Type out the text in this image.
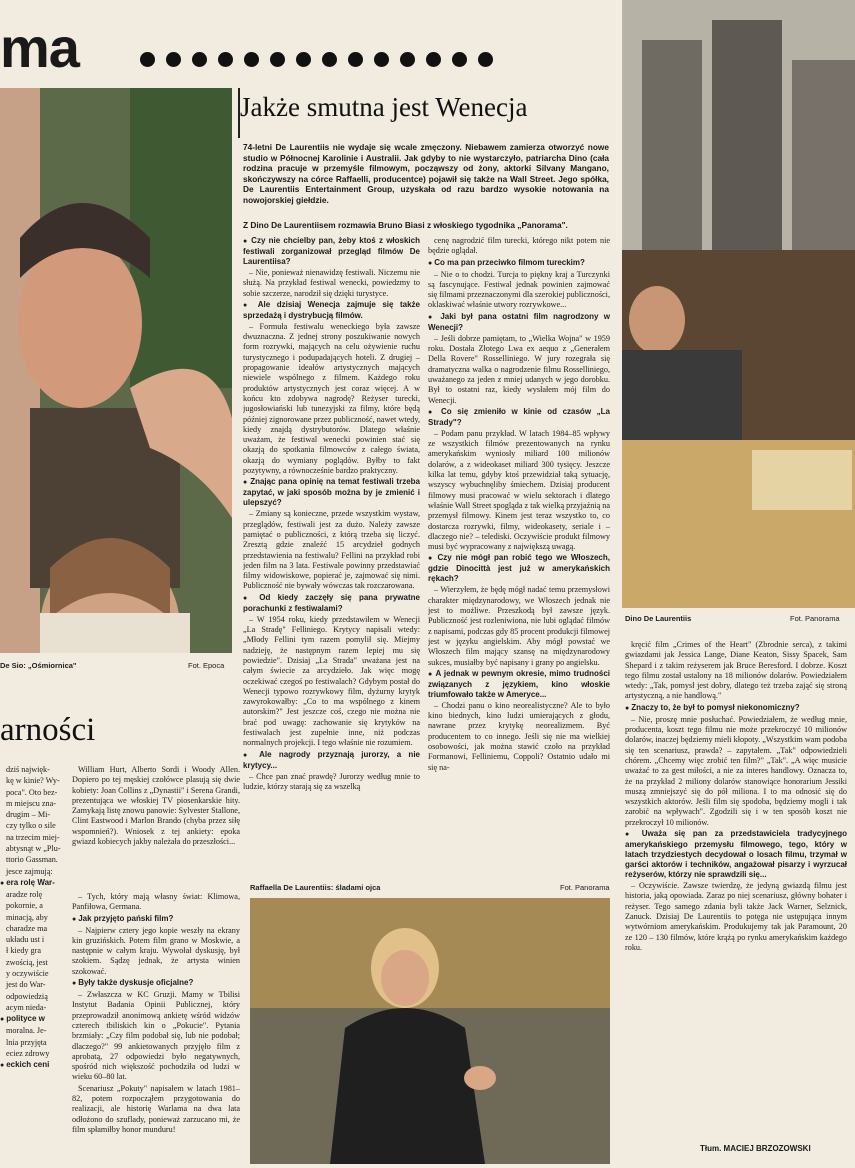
ma
Jakże smutna jest Wenecja
74-letni De Laurentiis nie wydaje się wcale zmęczony. Niebawem zamierza otworzyć nowe studio w Północnej Karolinie i Australii. Jak gdyby to nie wystarczyło, patriarcha Dino (cała rodzina pracuje w przemyśle filmowym, począwszy od żony, aktorki Silvany Mangano, skończywszy na córce Raffaelli, producentce) pojawił się także na Wall Street. Jego spółka, De Laurentiis Entertainment Group, uzyskała od razu bardzo wysokie notowania na nowojorskiej giełdzie.
Z Dino De Laurentiisem rozmawia Bruno Biasi z włoskiego tygodnika „Panorama".

● Czy nie chcielby pan, żeby ktoś z włoskich festiwali zorganizował przegląd filmów De Laurentiisa?

– Nie, ponieważ nienawidzę festiwali. Niczemu nie służą. Na przykład festiwal wenecki, powiedzmy to sobie szczerze, narodził się dzięki turystyce.

● Ale dzisiaj Wenecja zajmuje się także sprzedażą i dystrybucją filmów.

– Formuła festiwalu weneckiego była zawsze dwuznaczna. Z jednej strony poszukiwanie nowych form rozrywki, mających na celu ożywienie ruchu turystycznego i podupadających hoteli. Z drugiej – propagowanie ideałów artystycznych mających niewiele wspólnego z filmem. Każdego roku produktów artystycznych jest coraz więcej. A w końcu kto zdobywa nagrodę? Reżyser turecki, jugosłowiański lub tunezyjski za filmy, które będą później zignorowane przez publiczność, nawet wtedy, kiedy znajdą dystrybutorów. Dlatego właśnie uważam, że festiwal wenecki powinien stać się okazją do spotkania filmowców z całego świata, okazją do wymiany poglądów. Byłby to fakt pozytywny, a równocześnie bardzo praktyczny.

● Znając pana opinię na temat festiwali trzeba zapytać, w jaki sposób można by je zmienić i ulepszyć?

– Zmiany są konieczne, przede wszystkim wystaw, przeglądów, festiwali jest za dużo. Należy zawsze pamiętać o publiczności, z którą trzeba się liczyć. Zresztą gdzie znaleźć 15 arcydzieł godnych przedstawienia na festiwalu? Fellini na przykład robi jeden film na 3 lata. Festiwale powinny przedstawiać filmy widowiskowe, popierać je, zajmować się nimi. Publiczność nie bywały wówczas tak rozczarowana.

● Od kiedy zaczęły się pana prywatne porachunki z festiwalami?

– W 1954 roku, kiedy przedstawiłem w Wenecji „La Stradę" Felliniego. Krytycy napisali wtedy: „Młody Fellini tym razem pomylił się. Miejmy nadzieję, że następnym razem lepiej mu się powiedzie". Dzisiaj „La Strada" uważana jest na całym świecie za arcydzieło. Jak więc mogę oczekiwać czegoś po festiwalach? Gdybym postał do Wenecji typowo rozrywkowy film, dyżurny krytyk zawyrokowałby: „Co to ma wspólnego z kinem autorskim?" Jest jeszcze coś, czego nie można nie brać pod uwagę: zachowanie się krytyków na festiwalach jest zupełnie inne, niż podczas normalnych projekcji. I tego właśnie nie rozumiem.

● Ale nagrody przyznają jurorzy, a nie krytycy...

– Chce pan znać prawdę? Jurorzy według mnie to ludzie, którzy starają się za wszelką

cenę nagrodzić film turecki, którego nikt potem nie będzie oglądał.

● Co ma pan przeciwko filmom tureckim?

– Nie o to chodzi. Turcja to piękny kraj a Turczynki są fascynujące. Festiwal jednak powinien zajmować się filmami przeznaczonymi dla szerokiej publiczności, oklaskiwać właśnie utwory rozrywkowe...

● Jaki był pana ostatni film nagrodzony w Wenecji?

– Jeśli dobrze pamiętam, to „Wielka Wojna" w 1959 roku. Dostała Złotego Lwa ex aequo z „Generałem Della Rovere" Rosselliniego. W jury rozegrała się dramatyczna walka o nagrodzenie filmu Rosselliniego, uważanego za jeden z mniej udanych w jego dorobku. Był to ostatni raz, kiedy wysłałem mój film do Wenecji.

● Co się zmieniło w kinie od czasów „La Strady"?

– Podam panu przykład. W latach 1984–85 wpływy ze wszystkich filmów prezentowanych na rynku amerykańskim wyniosły miliard 100 milionów dolarów, a z wideokaset miliard 300 tysięcy. Jeszcze kilka lat temu, gdyby ktoś przewidział taką sytuację, wszyscy wybuchnęliby śmiechem. Dzisiaj producent filmowy musi pracować w wielu sektorach i dlatego właśnie Wall Street spogląda z tak wielką przyjaźnią na przemysł filmowy. Kinem jest teraz wszystko to, co dostarcza rozrywki, filmy, wideokasety, seriale i – dlaczego nie? – telediski. Oczywiście produkt filmowy musi być wypracowany z największą uwagą.

● Czy nie mógł pan robić tego we Włoszech, gdzie Dinocittà jest już w amerykańskich rękach?

– Wierzyłem, że będę mógł nadać temu przemysłowi charakter międzynarodowy, we Włoszech jednak nie jest to możliwe. Przeszkodą był zawsze język. Publiczność jest rozleniwiona, nie lubi oglądać filmów z napisami, podczas gdy 85 procent produkcji filmowej jest w języku angielskim. Aby mógł powstać we Włoszech film mający szansę na międzynarodowy sukces, musiałby być napisany i grany po angielsku.

● A jednak w pewnym okresie, mimo trudności związanych z językiem, kino włoskie triumfowało także w Ameryce...

– Chodzi panu o kino neorealistyczne? Ale to było kino biednych, kino ludzi umierających z głodu, nawrane przez krytykę neorealizmem. Być producentem to co innego. Jeśli się nie ma wielkiej osobowości, jak można stawić czoło na przykład Formanowi, Felliniemu, Coppoli? Ostatnio udało mi się na-

kręcić film „Crimes of the Heart" (Zbrodnie serca), z takimi gwiazdami jak Jessica Lange, Diane Keaton, Sissy Spacek, Sam Shepard i z takim reżyserem jak Bruce Beresford. I dobrze. Koszt tego filmu został ustalony na 18 milionów dolarów. Powiedziałem wtedy: „Tak, pomysł jest dobry, dlatego też trzeba zająć się stroną artystyczną, a nie handlową."

● Znaczy to, że był to pomysł niekonomiczny?

– Nie, proszę mnie posłuchać. Powiedziałem, że według mnie, producenta, koszt tego filmu nie może przekroczyć 10 milionów dolarów, inaczej będziemy mieli kłopoty. „Wszystkim wam podoba się ten scenariusz, prawda? – zapytałem. „Tak" odpowiedzieli chórem. „Chcemy więc zrobić ten film?" „Tak". „A więc musicie uważać to za gest miłości, a nie za interes handlowy. Oznacza to, że na przykład 2 miliony dolarów stanowiące honorarium Jessiki muszą zmniejszyć się do pół miliona. I to ma odnosić się do wszystkich aktorów. Jeśli film się spodoba, będziemy mogli i tak zarobić na wpływach". Zgodzili się i w ten sposób koszt nie przekroczył 10 milionów.

● Uważa się pan za przedstawiciela tradycyjnego amerykańskiego przemysłu filmowego, tego, który w latach trzydziestych decydował o losach filmu, trzymał w garści aktorów i techników, angażował pisarzy i wyrzucał reżyserów, którzy nie sprawdzili się...

– Oczywiście. Zawsze twierdzę, że jedyną gwiazdą filmu jest historia, jaką opowiada. Zaraz po niej scenariusz, główny bohater i reżyser. Tego samego zdania byli także Jack Warner, Selznick, Zanuck. Dzisiaj De Laurentiis to potęga nie ustępująca innym wytwórniom amerykańskim. Produkujemy tak jak Paramount, 20 ze 120 – 130 filmów, które krążą po rynku amerykańskim każdego roku.

Tłum. MACIEJ BRZOZOWSKI
Dino De Laurentiis	Fot. Panorama
De Sio: „Ośmiornica"	Fot. Epoca
arności

dziś najwięk-

kę w kinie? Wy-

poca". Oto bez-

m miejscu zna-

drugim – Mi-

czy tylko o sile

na trzecim miej-

abtysnąt w „Plu-

ttorio Gassman.

jesce zajmują:

● era rolę War-

aradze rolę

pokornie, a

minacją, aby

charadze ma

układu ust i

ł kiedy gra

zwością, jest

y oczywiście

jest do War-

odpowiedzią

acym nieda-

● polityce w

moralna. Je-

lnia przyjęta

eciez zdrowy

● eckich ceni

William Hurt, Alberto Sordi i Woody Allen. Dopiero po tej męskiej czołówce plasują się dwie kobiety: Joan Collins z „Dynastii" i Serena Grandi, prezentująca we włoskiej TV piosenkarskie hity. Zamykają listę znowu panowie: Sylvester Stallone, Clint Eastwood i Marlon Brando (chyba przez siłę wspomnień?). Wniosek z tej ankiety: epoka gwiazd kobiecych jakby należała do przeszłości...

– Tych, który mają własny świat: Klimowa, Panfiłowa, Germana.

● Jak przyjęto pański film?

– Najpierw cztery jego kopie weszły na ekrany kin gruzińskich. Potem film grano w Moskwie, a następnie w całym kraju. Wywołał dyskusję, był szokiem. Sądzę jednak, że artysta winien szokować.

● Były także dyskusje oficjalne?

– Zwłaszcza w KC Gruzji. Mamy w Tbilisi Instytut Badania Opinii Publicznej, który przeprowadził anonimową ankietę wśród widzów czterech tbiliskich kin o „Pokucie". Pytania brzmiały: „Czy film podobał się, lub nie podobał; dlaczego?" 99 ankietowanych przyjęło film z aprobatą, 27 odpowiedzi było negatywnych, spośród nich większość pochodziła od ludzi w wieku 60–80 lat.

Scenariusz „Pokuty" napisałem w latach 1981–82, potem rozpocząłem przygotowania do realizacji, ale historię Warlama na dwa lata odłożono do szuflady, ponieważ zarzucano mi, że film spłamiłby honor munduru!

Raffaella De Laurentiis: śladami ojca	Fot. Panorama
